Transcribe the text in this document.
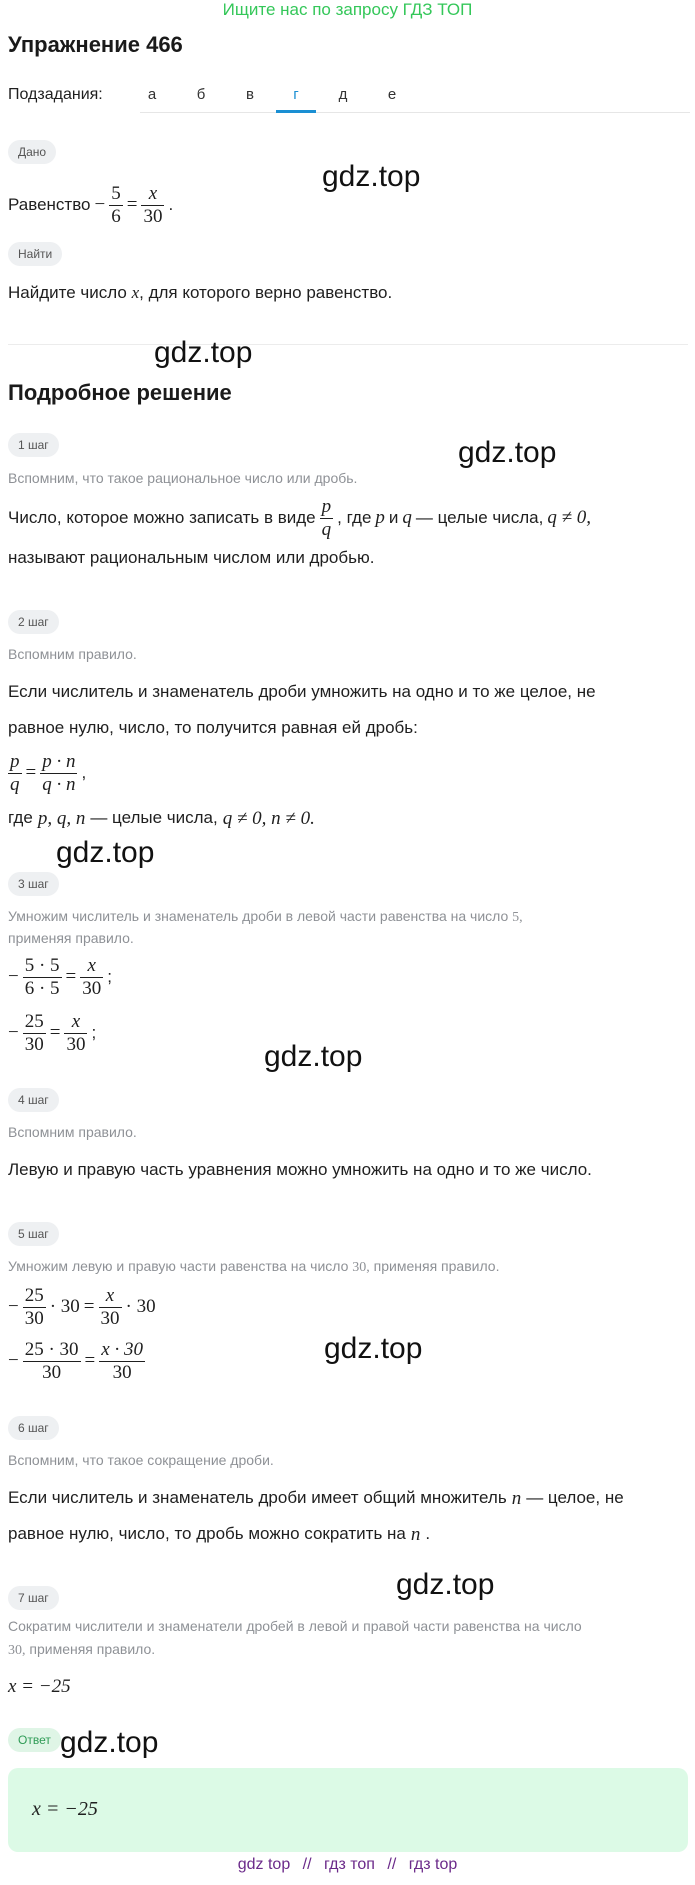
Ищите нас по запросу ГДЗ ТОП
Упражнение 466
Подзадания:	а	б	в	г	д	е
Дано
Равенство − $\frac{5}{6} = \frac{x}{30}$ .
Найти
Найдите число x, для которого верно равенство.
Подробное решение
1 шаг
Вспомним, что такое рациональное число или дробь.
Число, которое можно записать в виде $\frac{p}{q}$ , где p и q — целые числа, q ≠ 0,
называют рациональным числом или дробью.
2 шаг
Вспомним правило.
Если числитель и знаменатель дроби умножить на одно и то же целое, не
равное нулю, число, то получится равная ей дробь:
$\frac{p}{q} = \frac{p \cdot n}{q \cdot n}$ ,
где p, q, n — целые числа, q ≠ 0, n ≠ 0.
3 шаг
Умножим числитель и знаменатель дроби в левой части равенства на число 5,
применяя правило.
− $\frac{5 \cdot 5}{6 \cdot 5} = \frac{x}{30}$ ;
− $\frac{25}{30} = \frac{x}{30}$ ;
4 шаг
Вспомним правило.
Левую и правую часть уравнения можно умножить на одно и то же число.
5 шаг
Умножим левую и правую части равенства на число 30, применяя правило.
− $\frac{25}{30} \cdot 30 = \frac{x}{30} \cdot 30$
− $\frac{25 \cdot 30}{30} = \frac{x \cdot 30}{30}$
6 шаг
Вспомним, что такое сокращение дроби.
Если числитель и знаменатель дроби имеет общий множитель n — целое, не
равное нулю, число, то дробь можно сократить на n .
7 шаг
Сократим числители и знаменатели дробей в левой и правой части равенства на число
30, применяя правило.
x = −25
Ответ
x = −25
gdz.top
gdz.top
gdz.top
gdz.top
gdz.top
gdz.top
gdz.top
gdz.top
gdz top // гдз топ // гдз top
